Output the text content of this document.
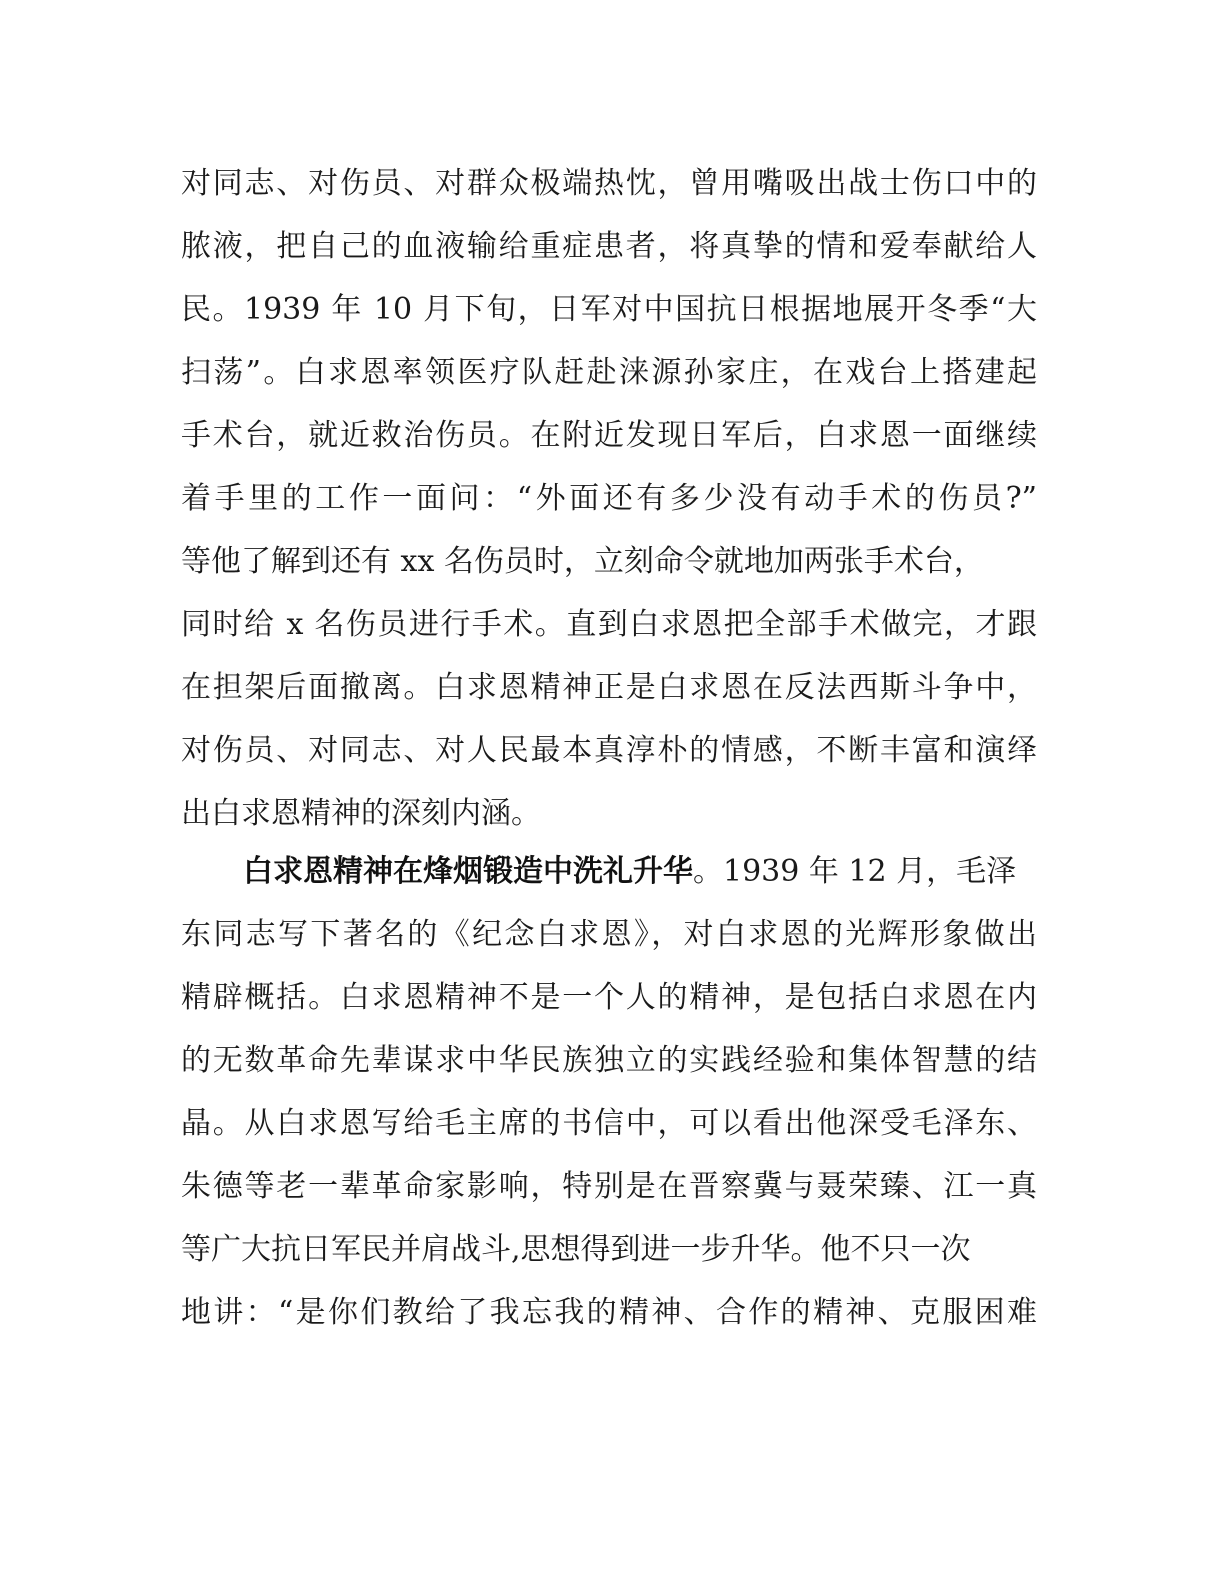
对同志、对伤员、对群众极端热忱，曾用嘴吸出战士伤口中的
脓液，把自己的血液输给重症患者，将真挚的情和爱奉献给人
民。1939 年 10 月下旬，日军对中国抗日根据地展开冬季“大
扫荡”。白求恩率领医疗队赶赴涞源孙家庄，在戏台上搭建起
手术台，就近救治伤员。在附近发现日军后，白求恩一面继续
着手里的工作一面问：“外面还有多少没有动手术的伤员?”
等他了解到还有 xx 名伤员时，立刻命令就地加两张手术台，
同时给 x 名伤员进行手术。直到白求恩把全部手术做完，才跟
在担架后面撤离。白求恩精神正是白求恩在反法西斯斗争中，
对伤员、对同志、对人民最本真淳朴的情感，不断丰富和演绎
出白求恩精神的深刻内涵。
白求恩精神在烽烟锻造中洗礼升华。1939 年 12 月，毛泽
东同志写下著名的《纪念白求恩》，对白求恩的光辉形象做出
精辟概括。白求恩精神不是一个人的精神，是包括白求恩在内
的无数革命先辈谋求中华民族独立的实践经验和集体智慧的结
晶。从白求恩写给毛主席的书信中，可以看出他深受毛泽东、
朱德等老一辈革命家影响，特别是在晋察冀与聂荣臻、江一真
等广大抗日军民并肩战斗,思想得到进一步升华。他不只一次
地讲：“是你们教给了我忘我的精神、合作的精神、克服困难
